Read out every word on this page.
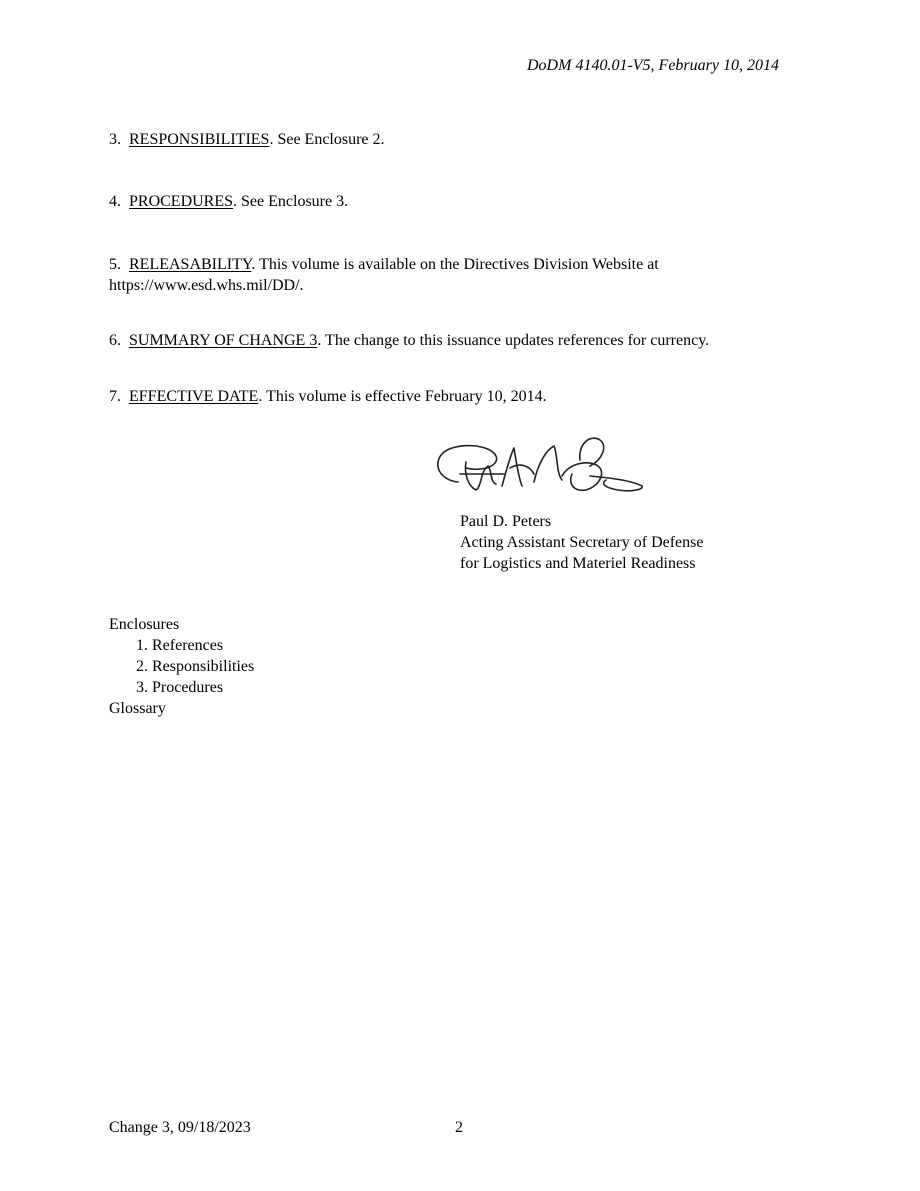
DoDM 4140.01-V5, February 10, 2014
3. RESPONSIBILITIES. See Enclosure 2.
4. PROCEDURES. See Enclosure 3.
5. RELEASABILITY. This volume is available on the Directives Division Website at
https://www.esd.whs.mil/DD/.
6. SUMMARY OF CHANGE 3. The change to this issuance updates references for currency.
7. EFFECTIVE DATE. This volume is effective February 10, 2014.
Paul D. Peters
Acting Assistant Secretary of Defense
for Logistics and Materiel Readiness
Enclosures
1. References
2. Responsibilities
3. Procedures
Glossary
Change 3, 09/18/2023	2
